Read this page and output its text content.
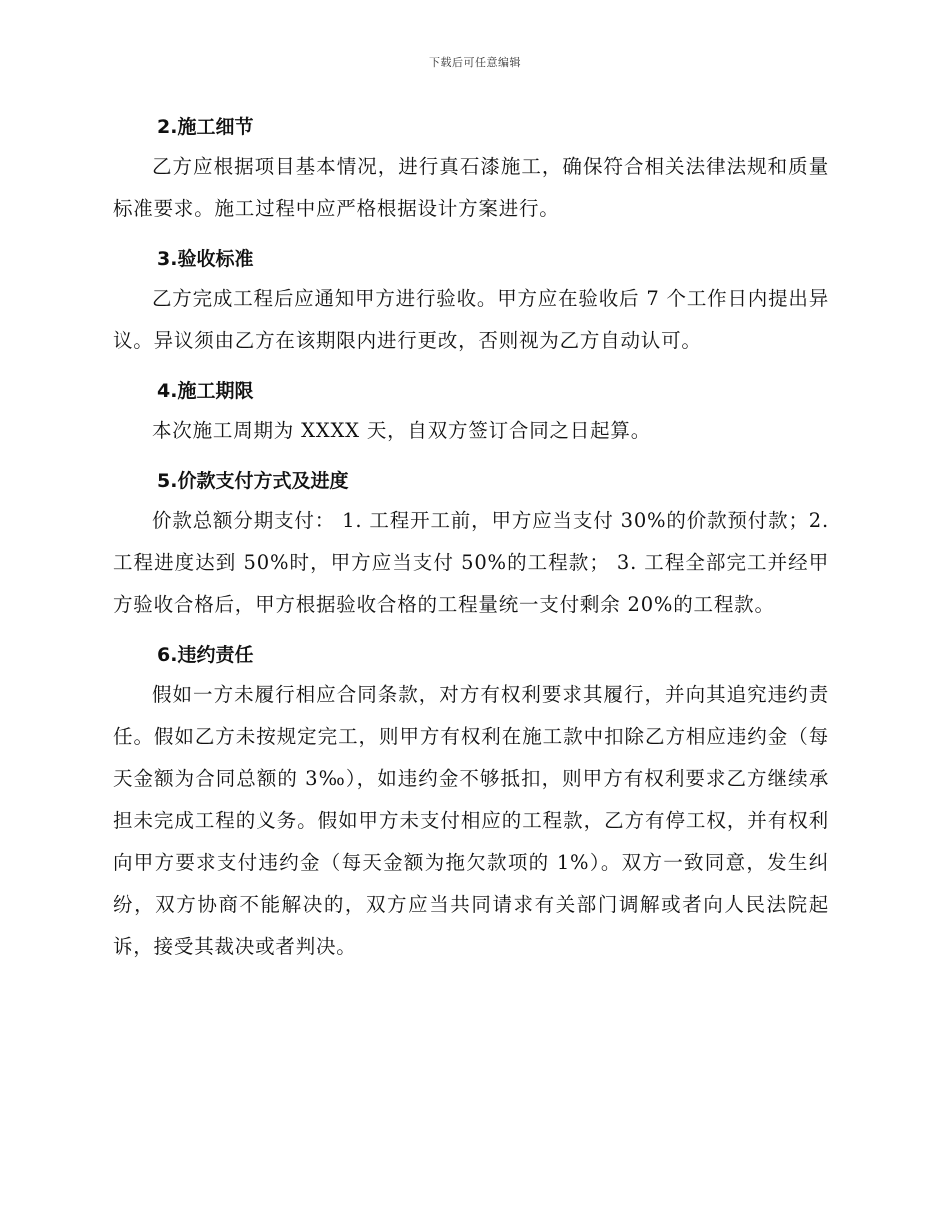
下载后可任意编辑
2.施工细节

乙方应根据项目基本情况，进行真石漆施工，确保符合相关法律法规和质量标准要求。施工过程中应严格根据设计方案进行。

3.验收标准

乙方完成工程后应通知甲方进行验收。甲方应在验收后 7 个工作日内提出异议。异议须由乙方在该期限内进行更改，否则视为乙方自动认可。

4.施工期限

本次施工周期为 XXXX 天，自双方签订合同之日起算。

5.价款支付方式及进度

价款总额分期支付： 1. 工程开工前，甲方应当支付 30%的价款预付款；2. 工程进度达到 50%时，甲方应当支付 50%的工程款； 3. 工程全部完工并经甲方验收合格后，甲方根据验收合格的工程量统一支付剩余 20%的工程款。

6.违约责任

假如一方未履行相应合同条款，对方有权利要求其履行，并向其追究违约责任。假如乙方未按规定完工，则甲方有权利在施工款中扣除乙方相应违约金（每天金额为合同总额的 3‰），如违约金不够抵扣，则甲方有权利要求乙方继续承担未完成工程的义务。假如甲方未支付相应的工程款，乙方有停工权，并有权利向甲方要求支付违约金（每天金额为拖欠款项的 1%）。双方一致同意，发生纠纷，双方协商不能解决的，双方应当共同请求有关部门调解或者向人民法院起诉，接受其裁决或者判决。
